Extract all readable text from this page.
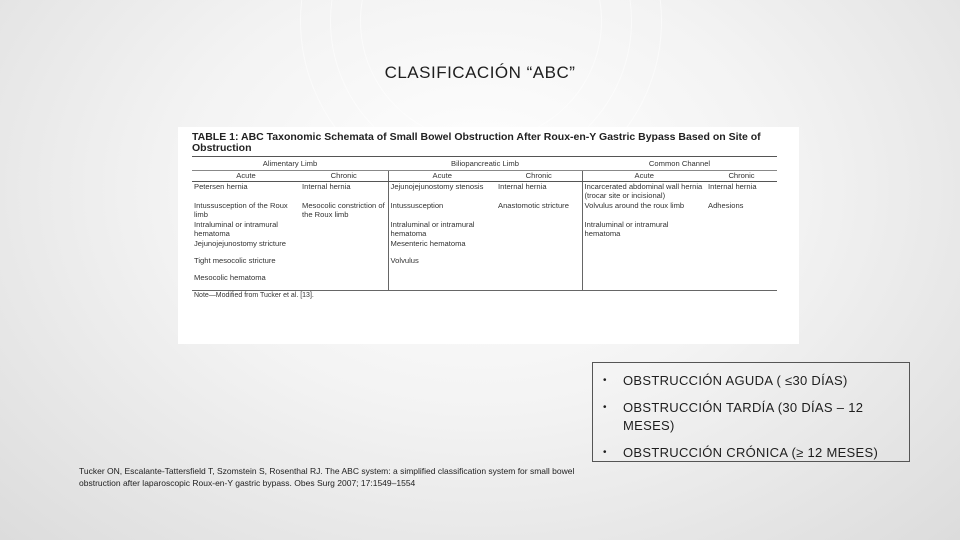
CLASIFICACIÓN “ABC”
TABLE 1: ABC Taxonomic Schemata of Small Bowel Obstruction After Roux-en-Y Gastric Bypass Based on Site of Obstruction
Alimentary Limb		Biliopancreatic Limb		Common Channel	
Acute	Chronic	Acute	Chronic	Acute	Chronic
Petersen hernia	Internal hernia	Jejunojejunostomy stenosis	Internal hernia	Incarcerated abdominal wall hernia (trocar site or incisional)	Internal hernia
Intussusception of the Roux limb	Mesocolic constriction of the Roux limb	Intussusception	Anastomotic stricture	Volvulus around the roux limb	Adhesions
Intraluminal or intramural hematoma		Intraluminal or intramural hematoma		Intraluminal or intramural hematoma	
Jejunojejunostomy stricture		Mesenteric hematoma			
Tight mesocolic stricture		Volvulus			
Mesocolic hematoma					
Note—Modified from Tucker et al. [13].					
• OBSTRUCCIÓN AGUDA ( ≤30 DÍAS)
• OBSTRUCCIÓN TARDÍA (30 DÍAS – 12 MESES)
• OBSTRUCCIÓN CRÓNICA (≥ 12 MESES)
Tucker ON, Escalante-Tattersfield T, Szomstein S, Rosenthal RJ. The ABC system: a simplified classification system for small bowel obstruction after laparoscopic Roux-en-Y gastric bypass. Obes Surg 2007; 17:1549–1554
